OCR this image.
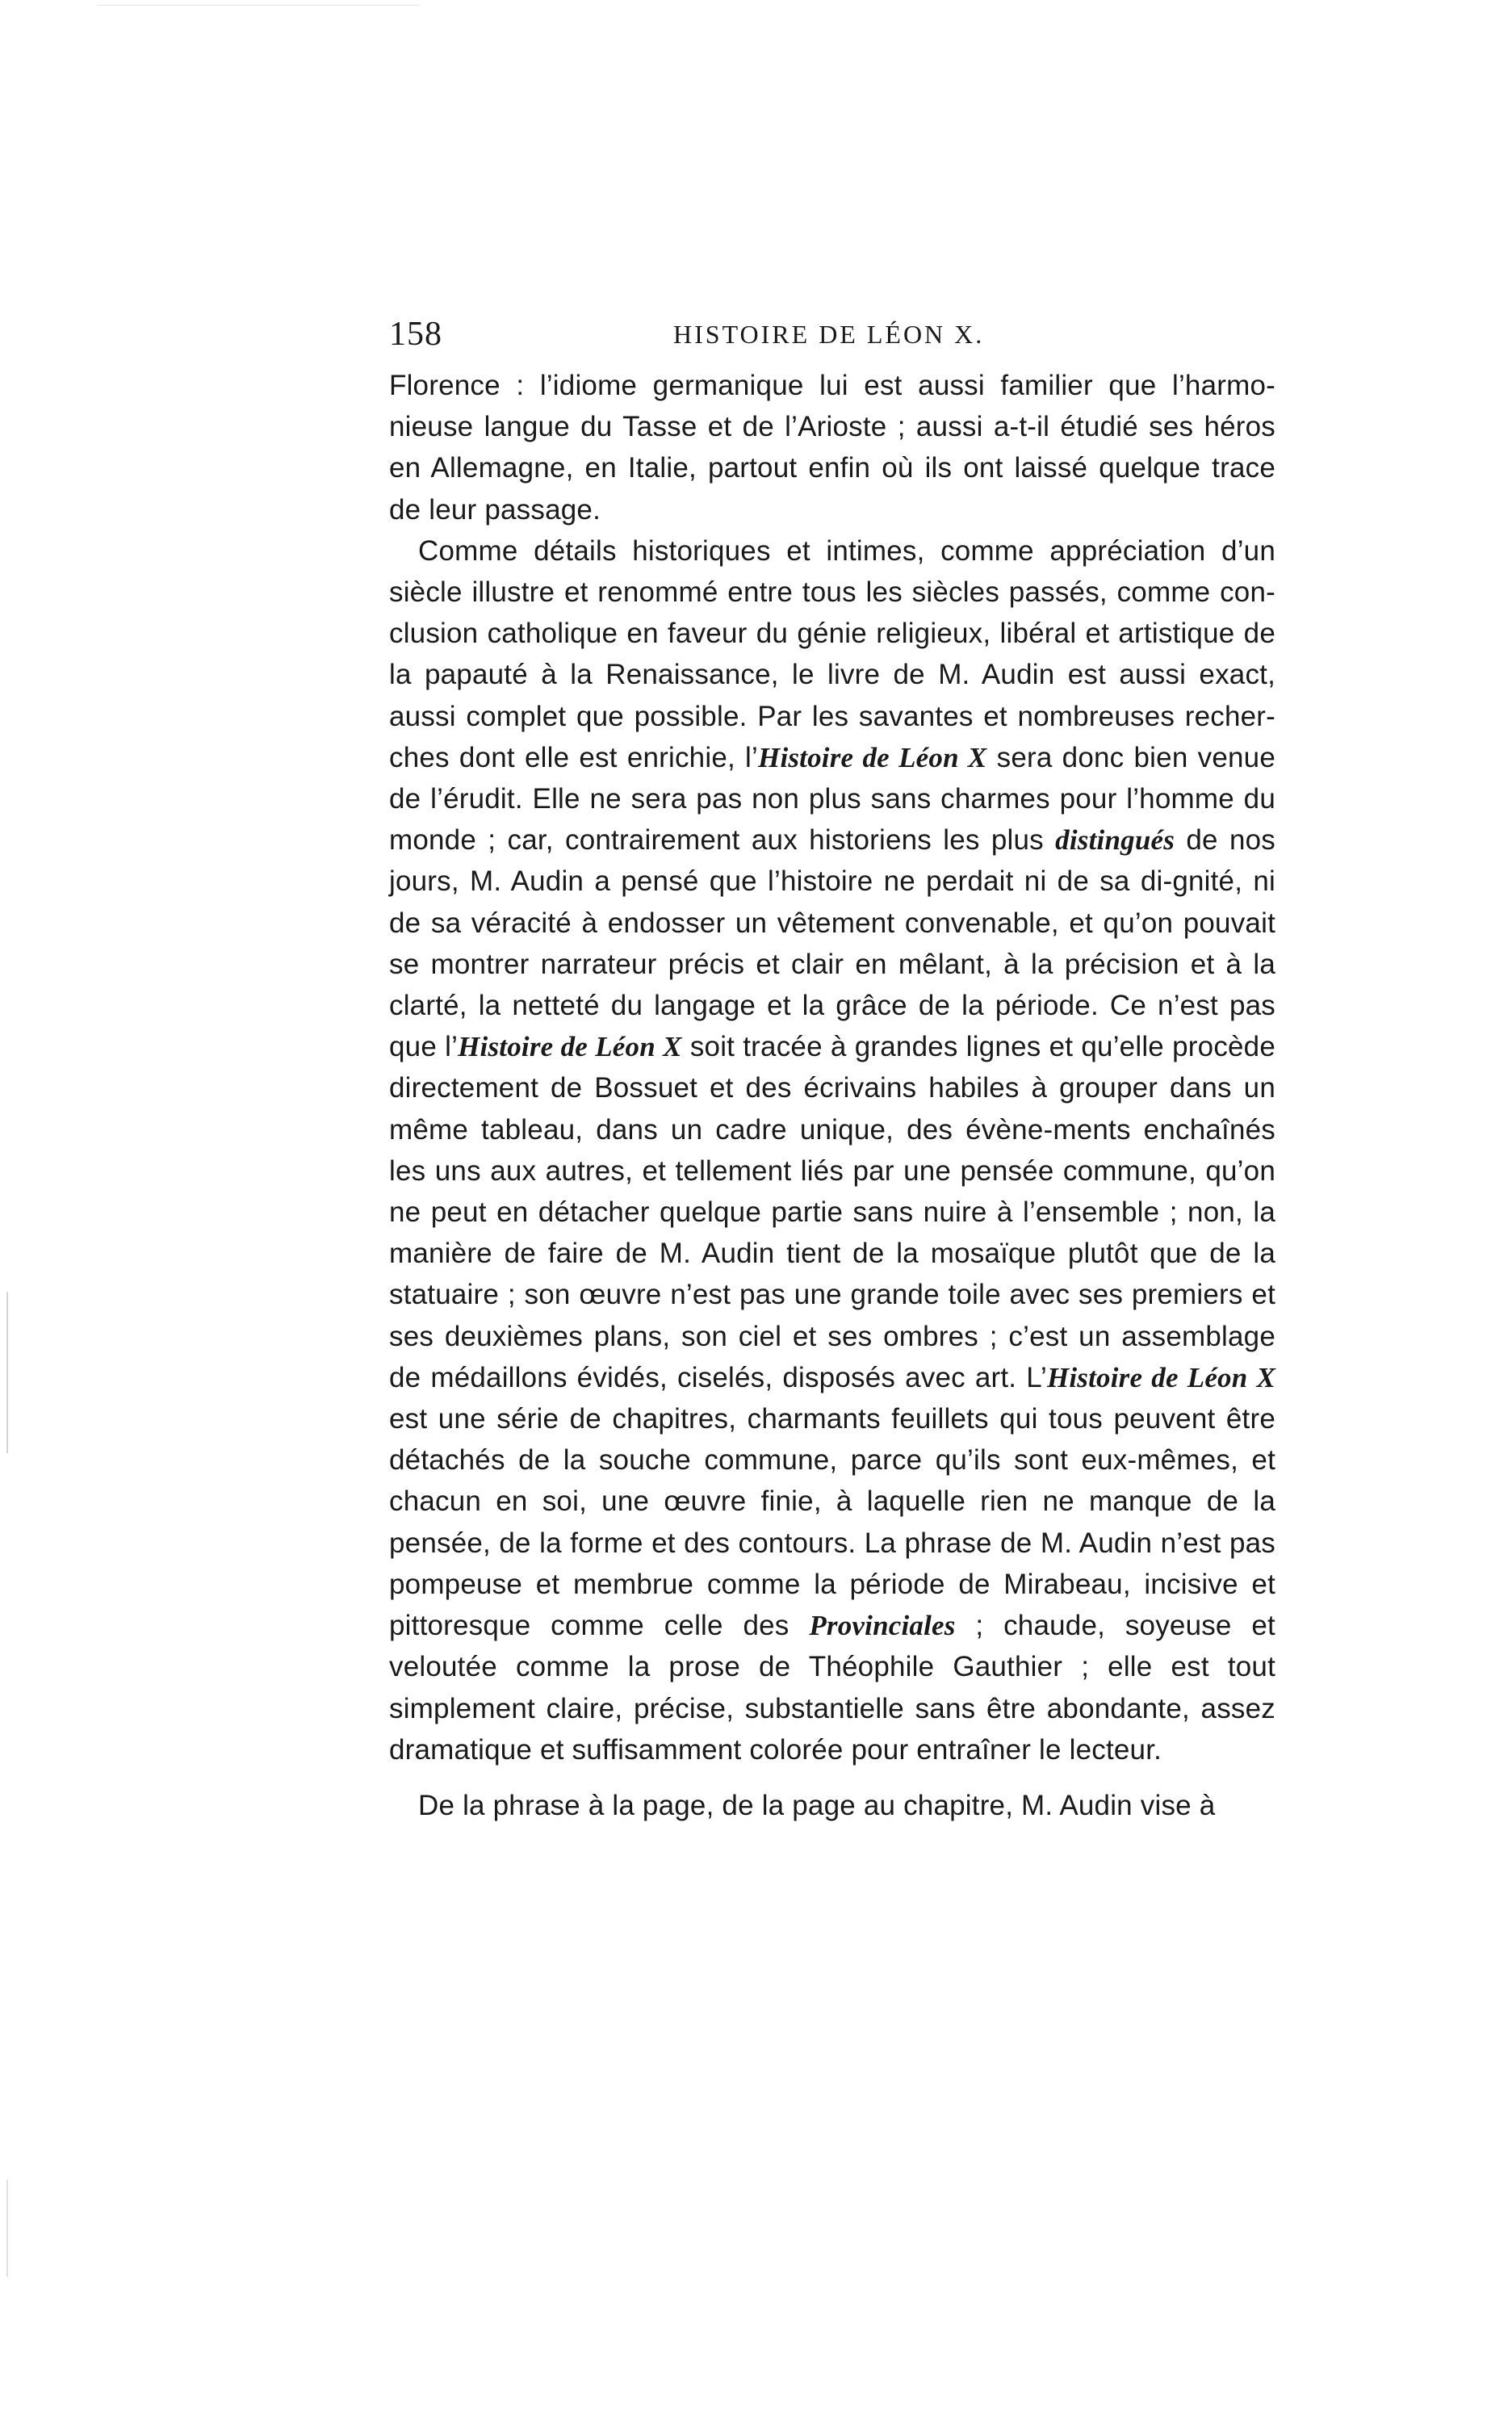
158	HISTOIRE DE LÉON X.

Florence : l’idiome germanique lui est aussi familier que l’harmo-nieuse langue du Tasse et de l’Arioste ; aussi a-t-il étudié ses héros en Allemagne, en Italie, partout enfin où ils ont laissé quelque trace de leur passage.

Comme détails historiques et intimes, comme appréciation d’un siècle illustre et renommé entre tous les siècles passés, comme con-clusion catholique en faveur du génie religieux, libéral et artistique de la papauté à la Renaissance, le livre de M. Audin est aussi exact, aussi complet que possible. Par les savantes et nombreuses recher-ches dont elle est enrichie, l’Histoire de Léon X sera donc bien venue de l’érudit. Elle ne sera pas non plus sans charmes pour l’homme du monde ; car, contrairement aux historiens les plus distingués de nos jours, M. Audin a pensé que l’histoire ne perdait ni de sa di-gnité, ni de sa véracité à endosser un vêtement convenable, et qu’on pouvait se montrer narrateur précis et clair en mêlant, à la précision et à la clarté, la netteté du langage et la grâce de la période. Ce n’est pas que l’Histoire de Léon X soit tracée à grandes lignes et qu’elle procède directement de Bossuet et des écrivains habiles à grouper dans un même tableau, dans un cadre unique, des évène-ments enchaînés les uns aux autres, et tellement liés par une pensée commune, qu’on ne peut en détacher quelque partie sans nuire à l’ensemble ; non, la manière de faire de M. Audin tient de la mosaïque plutôt que de la statuaire ; son œuvre n’est pas une grande toile avec ses premiers et ses deuxièmes plans, son ciel et ses ombres ; c’est un assemblage de médaillons évidés, ciselés, disposés avec art. L’Histoire de Léon X est une série de chapitres, charmants feuillets qui tous peuvent être détachés de la souche commune, parce qu’ils sont eux-mêmes, et chacun en soi, une œuvre finie, à laquelle rien ne manque de la pensée, de la forme et des contours. La phrase de M. Audin n’est pas pompeuse et membrue comme la période de Mirabeau, incisive et pittoresque comme celle des Provinciales ; chaude, soyeuse et veloutée comme la prose de Théophile Gauthier ; elle est tout simplement claire, précise, substantielle sans être abondante, assez dramatique et suffisamment colorée pour entraîner le lecteur.

De la phrase à la page, de la page au chapitre, M. Audin vise à
